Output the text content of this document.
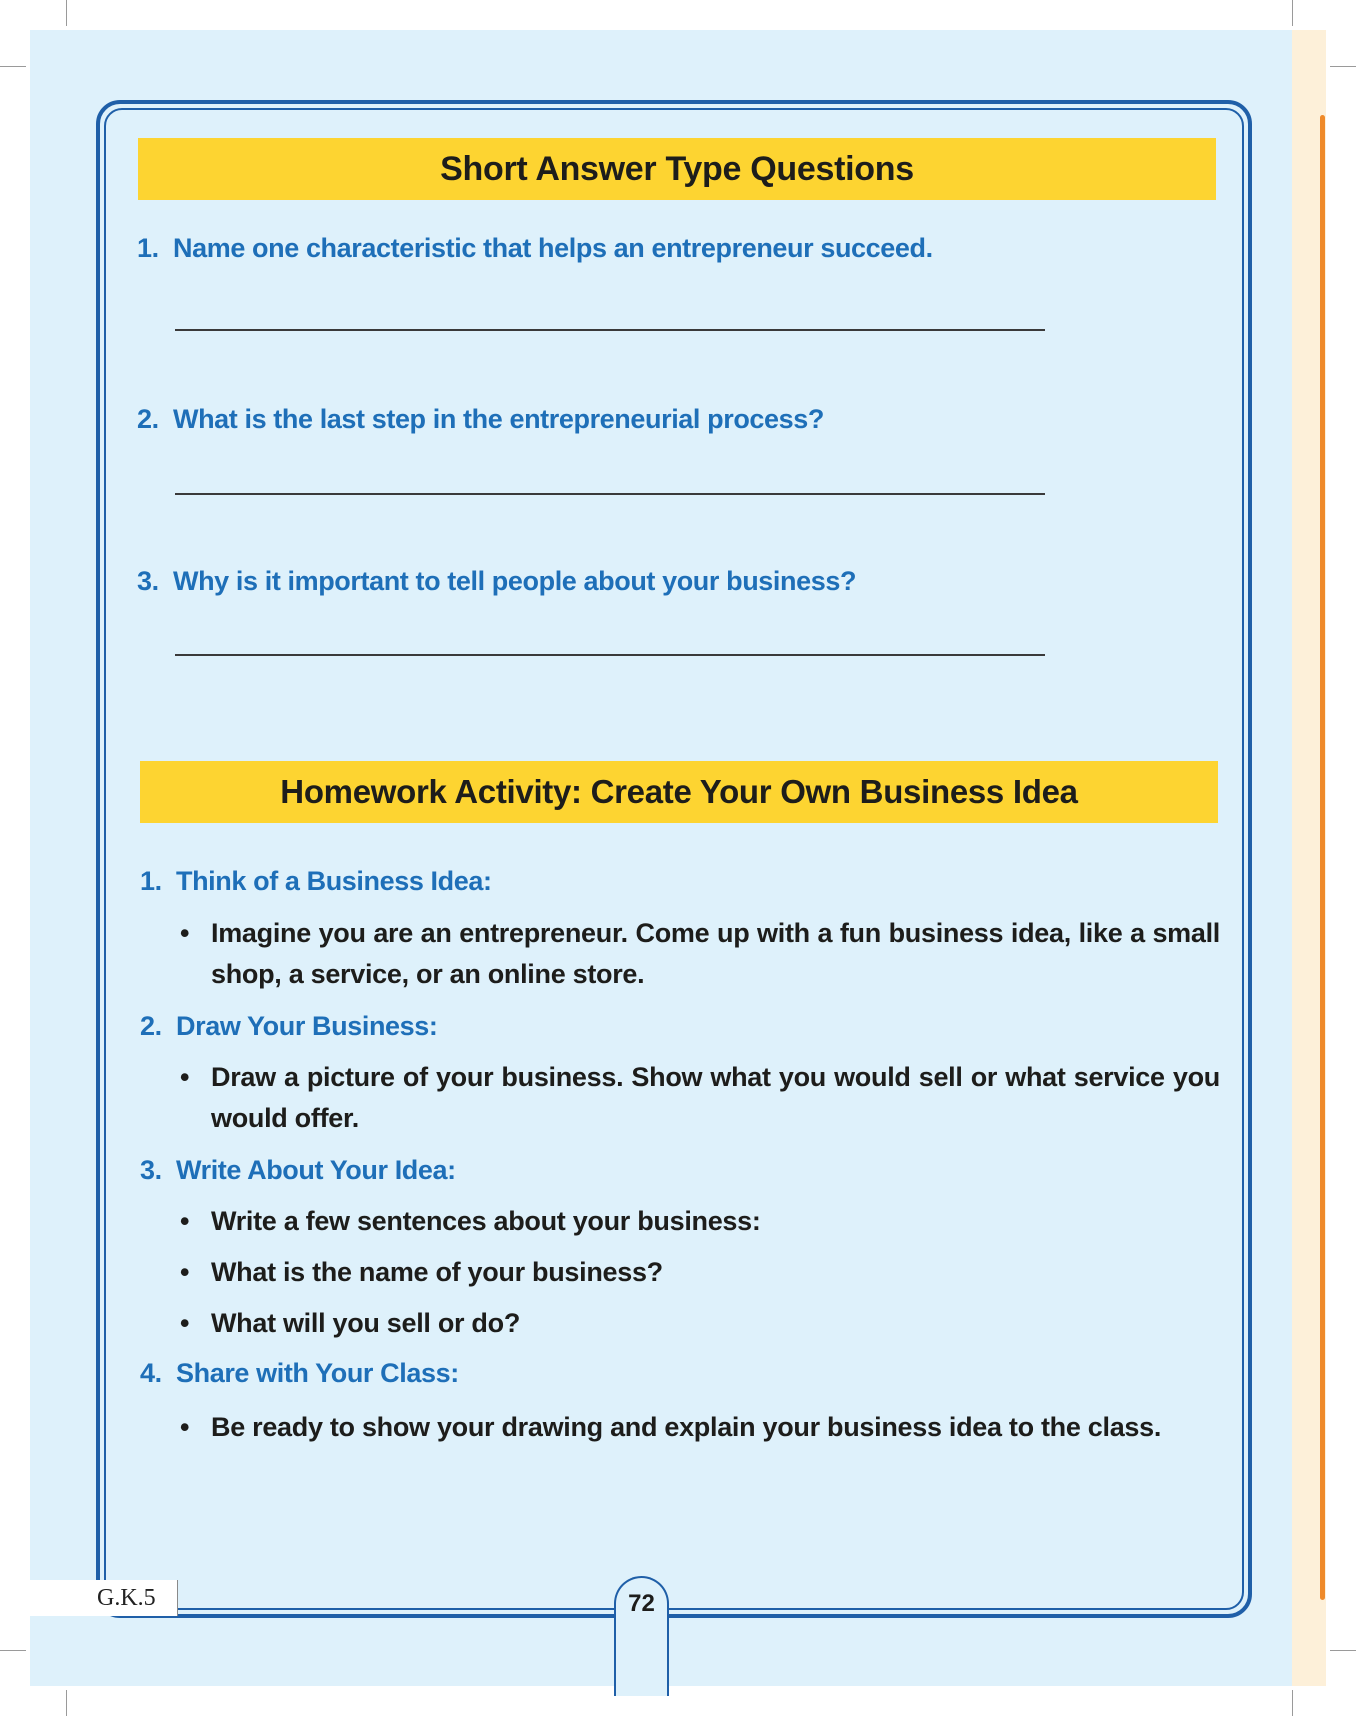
Short Answer Type Questions
1. Name one characteristic that helps an entrepreneur succeed.
2. What is the last step in the entrepreneurial process?
3. Why is it important to tell people about your business?
Homework Activity: Create Your Own Business Idea
1. Think of a Business Idea:
• Imagine you are an entrepreneur. Come up with a fun business idea, like a small shop, a service, or an online store.
2. Draw Your Business:
• Draw a picture of your business. Show what you would sell or what service you would offer.
3. Write About Your Idea:
• Write a few sentences about your business:
• What is the name of your business?
• What will you sell or do?
4. Share with Your Class:
• Be ready to show your drawing and explain your business idea to the class.
G.K.5	72
